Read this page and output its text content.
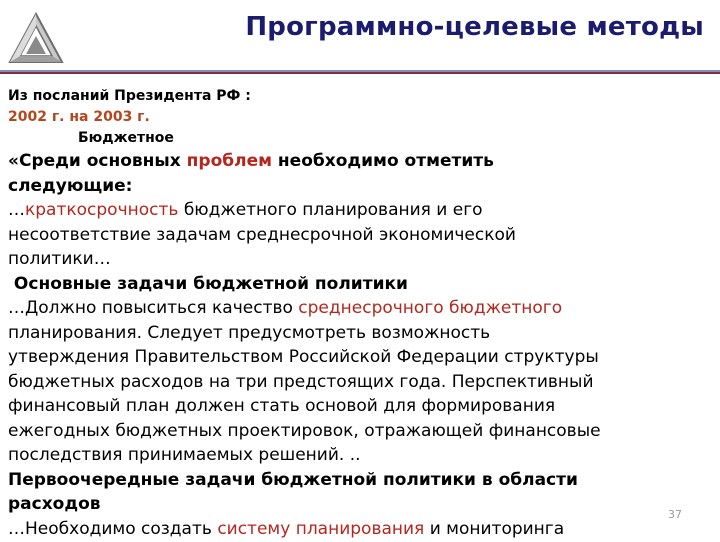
Программно-целевые методы
Из посланий Президента РФ :
2002 г. на 2003 г.
Бюджетное
«Среди основных проблем необходимо отметить
следующие:
…краткосрочность бюджетного планирования и его
несоответствие задачам среднесрочной экономической
политики…
Основные задачи бюджетной политики
…Должно повыситься качество среднесрочного бюджетного
планирования. Следует предусмотреть возможность
утверждения Правительством Российской Федерации структуры
бюджетных расходов на три предстоящих года. Перспективный
финансовый план должен стать основой для формирования
ежегодных бюджетных проектировок, отражающей финансовые
последствия принимаемых решений. ..
Первоочередные задачи бюджетной политики в области
расходов
…Необходимо создать систему планирования и мониторинга
37
